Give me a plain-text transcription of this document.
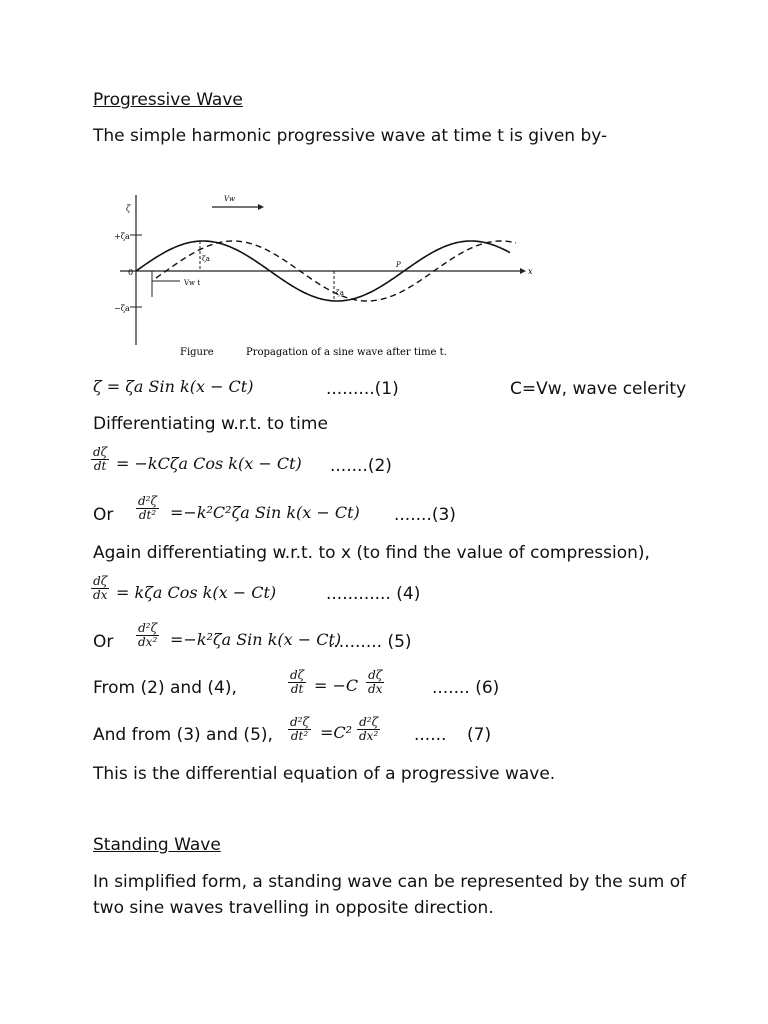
Progressive Wave
The simple harmonic progressive wave at time t is given by-
ζ
+ζa
0
−ζa
Vw
ζa
ζa
Vw t
P
x
Figure	Propagation of a sine wave after time t.
ζ = ζa Sin k(x − Ct)	.........(1)	C=Vw, wave celerity
Differentiating w.r.t. to time
$\frac{d\zeta}{dt} = -kC\zeta a$ Cos k(x − Ct) .......(2)
Or $\frac{\text{d²ζ}}{\text{dt²}} =-k^2C^2\zeta a$ Sin k(x − Ct) .......(3)
Again differentiating w.r.t. to x (to find the value of compression),
$\frac{d\zeta}{dx} = k\zeta a$ Cos k(x − Ct)	............ (4)
Or $\frac{\text{d²ζ}}{\text{dx²}} =-k^2\zeta a$ Sin k(x − Ct)
.......... (5)
From (2) and (4),	$\frac{d\zeta}{dt} = -C \frac{d\zeta}{dx}$	....... (6)
And from (3) and (5), $\frac{\text{d²ζ}}{\text{dt²}} =C^2 \frac{\text{d²ζ}}{\text{dx²}}$ ...... (7)
This is the differential equation of a progressive wave.
Standing Wave
In simplified form, a standing wave can be represented by the sum of
two sine waves travelling in opposite direction.
